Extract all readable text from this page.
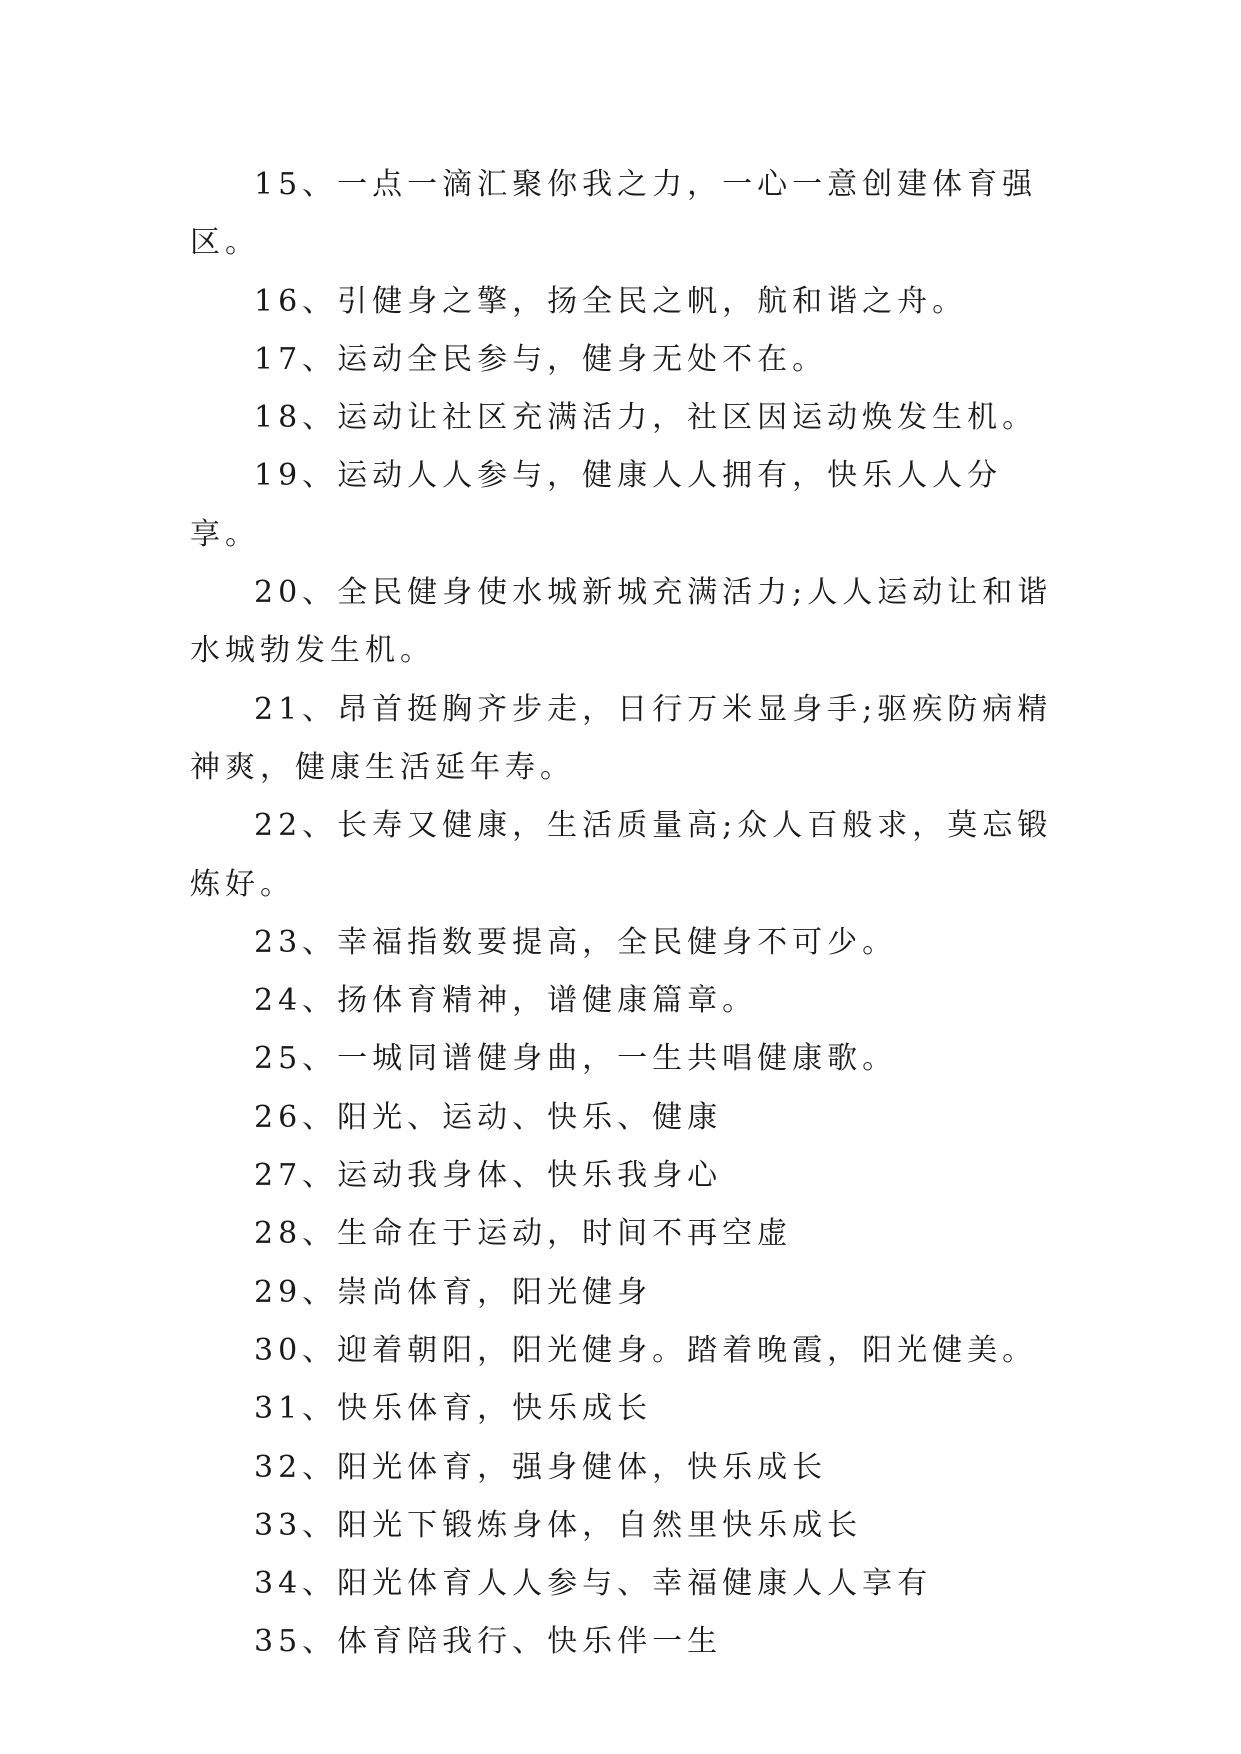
15、一点一滴汇聚你我之力，一心一意创建体育强区。

16、引健身之擎，扬全民之帆，航和谐之舟。

17、运动全民参与，健身无处不在。

18、运动让社区充满活力，社区因运动焕发生机。

19、运动人人参与，健康人人拥有，快乐人人分享。

20、全民健身使水城新城充满活力;人人运动让和谐水城勃发生机。

21、昂首挺胸齐步走，日行万米显身手;驱疾防病精神爽，健康生活延年寿。

22、长寿又健康，生活质量高;众人百般求，莫忘锻炼好。

23、幸福指数要提高，全民健身不可少。

24、扬体育精神，谱健康篇章。

25、一城同谱健身曲，一生共唱健康歌。

26、阳光、运动、快乐、健康

27、运动我身体、快乐我身心

28、生命在于运动，时间不再空虚

29、崇尚体育，阳光健身

30、迎着朝阳，阳光健身。踏着晚霞，阳光健美。

31、快乐体育，快乐成长

32、阳光体育，强身健体，快乐成长

33、阳光下锻炼身体，自然里快乐成长

34、阳光体育人人参与、幸福健康人人享有

35、体育陪我行、快乐伴一生
